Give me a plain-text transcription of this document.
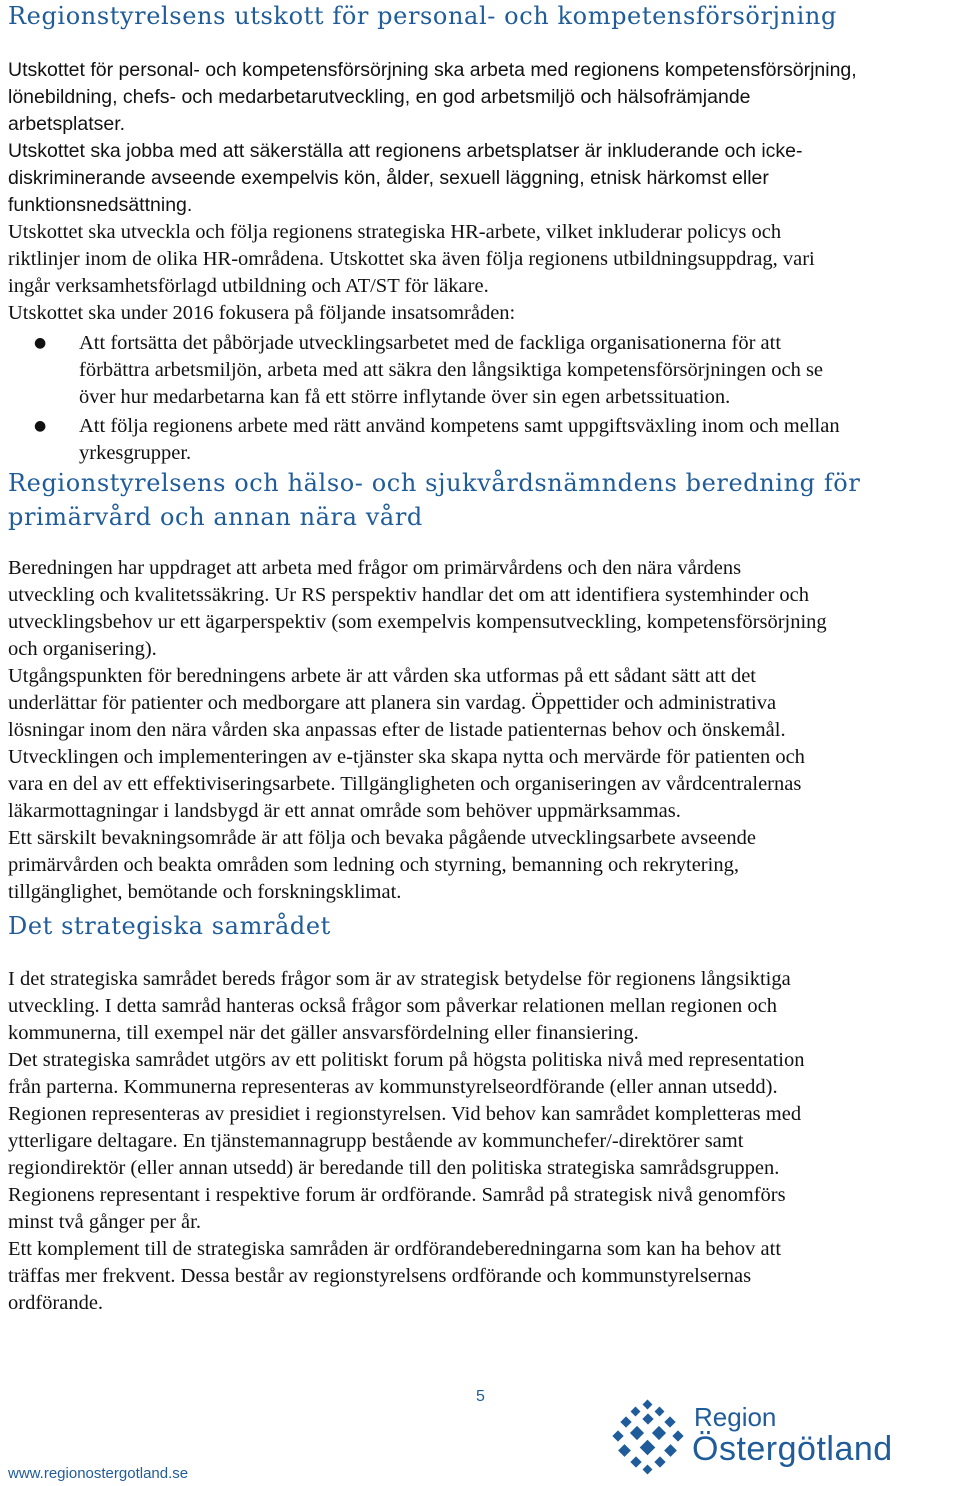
Regionstyrelsens utskott för personal- och kompetensförsörjning

Utskottet för personal- och kompetensförsörjning ska arbeta med regionens kompetensförsörjning,

lönebildning, chefs- och medarbetarutveckling, en god arbetsmiljö och hälsofrämjande

arbetsplatser.

Utskottet ska jobba med att säkerställa att regionens arbetsplatser är inkluderande och icke-

diskriminerande avseende exempelvis kön, ålder, sexuell läggning, etnisk härkomst eller

funktionsnedsättning.

Utskottet ska utveckla och följa regionens strategiska HR-arbete, vilket inkluderar policys och

riktlinjer inom de olika HR-områdena. Utskottet ska även följa regionens utbildningsuppdrag, vari

ingår verksamhetsförlagd utbildning och AT/ST för läkare.

Utskottet ska under 2016 fokusera på följande insatsområden:

● Att fortsätta det påbörjade utvecklingsarbetet med de fackliga organisationerna för att

förbättra arbetsmiljön, arbeta med att säkra den långsiktiga kompetensförsörjningen och se

över hur medarbetarna kan få ett större inflytande över sin egen arbetssituation.

● Att följa regionens arbete med rätt använd kompetens samt uppgiftsväxling inom och mellan

yrkesgrupper.

Regionstyrelsens och hälso- och sjukvårdsnämndens beredning för
primärvård och annan nära vård

Beredningen har uppdraget att arbeta med frågor om primärvårdens och den nära vårdens

utveckling och kvalitetssäkring. Ur RS perspektiv handlar det om att identifiera systemhinder och

utvecklingsbehov ur ett ägarperspektiv (som exempelvis kompensutveckling, kompetensförsörjning

och organisering).

Utgångspunkten för beredningens arbete är att vården ska utformas på ett sådant sätt att det

underlättar för patienter och medborgare att planera sin vardag. Öppettider och administrativa

lösningar inom den nära vården ska anpassas efter de listade patienternas behov och önskemål.

Utvecklingen och implementeringen av e-tjänster ska skapa nytta och mervärde för patienten och

vara en del av ett effektiviseringsarbete. Tillgängligheten och organiseringen av vårdcentralernas

läkarmottagningar i landsbygd är ett annat område som behöver uppmärksammas.

Ett särskilt bevakningsområde är att följa och bevaka pågående utvecklingsarbete avseende

primärvården och beakta områden som ledning och styrning, bemanning och rekrytering,

tillgänglighet, bemötande och forskningsklimat.

Det strategiska samrådet

I det strategiska samrådet bereds frågor som är av strategisk betydelse för regionens långsiktiga

utveckling. I detta samråd hanteras också frågor som påverkar relationen mellan regionen och

kommunerna, till exempel när det gäller ansvarsfördelning eller finansiering.

Det strategiska samrådet utgörs av ett politiskt forum på högsta politiska nivå med representation

från parterna. Kommunerna representeras av kommunstyrelseordförande (eller annan utsedd).

Regionen representeras av presidiet i regionstyrelsen. Vid behov kan samrådet kompletteras med

ytterligare deltagare. En tjänstemannagrupp bestående av kommunchefer/-direktörer samt

regiondirektör (eller annan utsedd) är beredande till den politiska strategiska samrådsgruppen.

Regionens representant i respektive forum är ordförande. Samråd på strategisk nivå genomförs

minst två gånger per år.

Ett komplement till de strategiska samråden är ordförandeberedningarna som kan ha behov att

träffas mer frekvent. Dessa består av regionstyrelsens ordförande och kommunstyrelsernas

ordförande.

5
www.regionostergotland.se
Region
Östergötland
